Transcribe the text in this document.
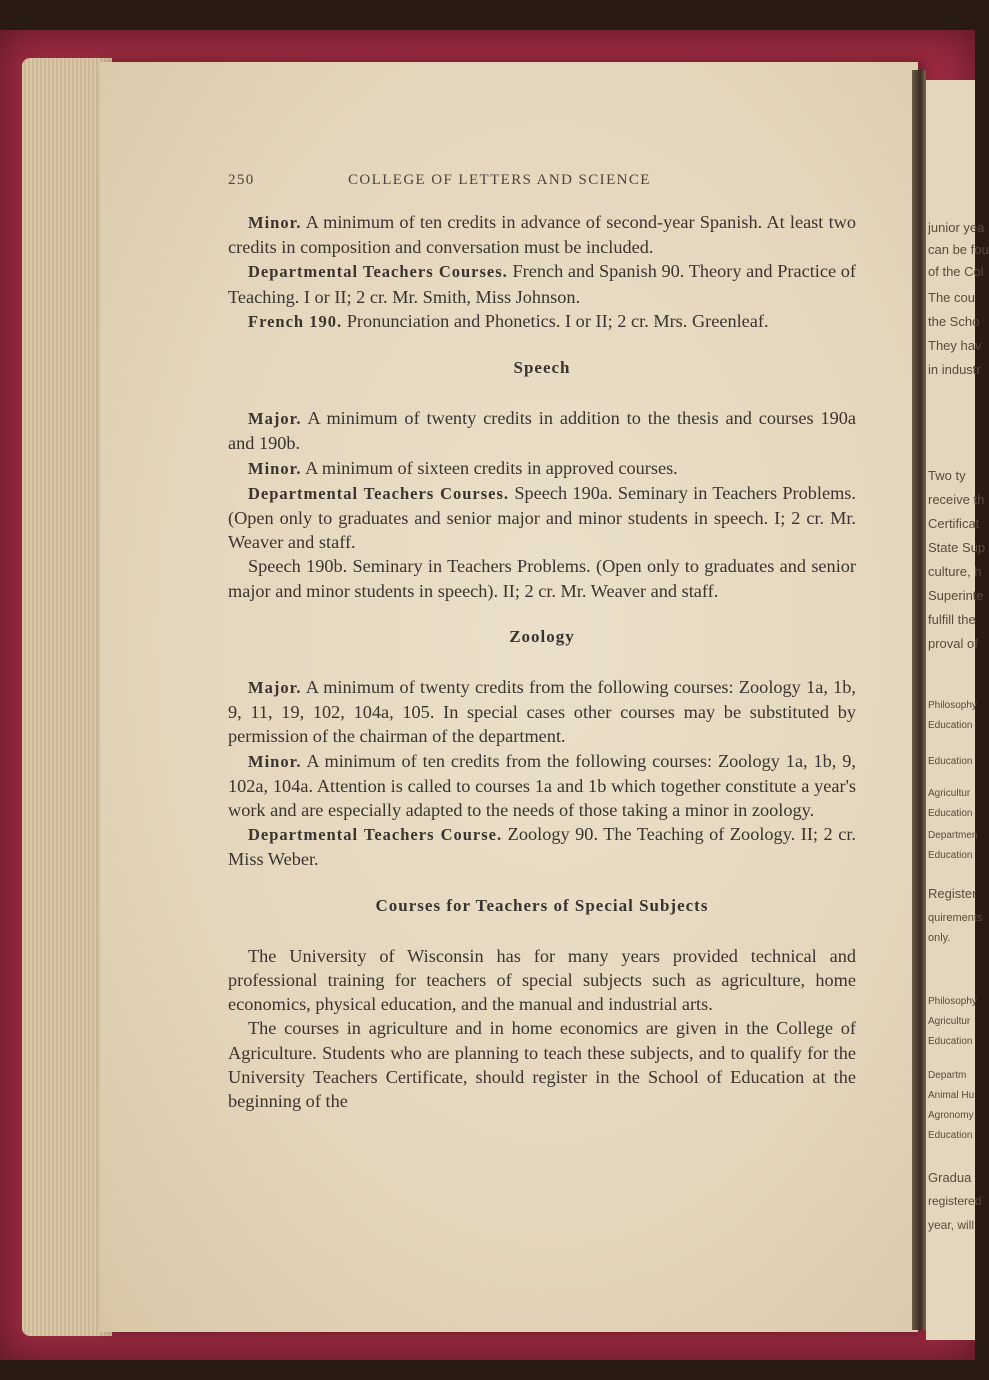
junior yea
can be fou
of the Col
The cou
the Scho
They hav
in industr
Two ty
receive th
Certificat
State Sup
culture, h
Superinte
fulfill the
proval of
Philosophy
Education
Education
Agricultur
Education
Departmen
Education
Register
quirements
only.
Philosophy
Agricultur
Education
Departm
Animal Hu
Agronomy
Education
Gradua
registered
year, will
250	COLLEGE OF LETTERS AND SCIENCE

Minor. A minimum of ten credits in advance of second-year Spanish. At least two credits in composition and conversation must be included.

Departmental Teachers Courses. French and Spanish 90. Theory and Practice of Teaching. I or II; 2 cr. Mr. Smith, Miss Johnson.

French 190. Pronunciation and Phonetics. I or II; 2 cr. Mrs. Greenleaf.

Speech

Major. A minimum of twenty credits in addition to the thesis and courses 190a and 190b.

Minor. A minimum of sixteen credits in approved courses.

Departmental Teachers Courses. Speech 190a. Seminary in Teachers Problems. (Open only to graduates and senior major and minor students in speech. I; 2 cr. Mr. Weaver and staff.

Speech 190b. Seminary in Teachers Problems. (Open only to graduates and senior major and minor students in speech). II; 2 cr. Mr. Weaver and staff.

Zoology

Major. A minimum of twenty credits from the following courses: Zoology 1a, 1b, 9, 11, 19, 102, 104a, 105. In special cases other courses may be substituted by permission of the chairman of the department.

Minor. A minimum of ten credits from the following courses: Zoology 1a, 1b, 9, 102a, 104a. Attention is called to courses 1a and 1b which together constitute a year's work and are especially adapted to the needs of those taking a minor in zoology.

Departmental Teachers Course. Zoology 90. The Teaching of Zoology. II; 2 cr. Miss Weber.

Courses for Teachers of Special Subjects

The University of Wisconsin has for many years provided technical and professional training for teachers of special subjects such as agriculture, home economics, physical education, and the manual and industrial arts.

The courses in agriculture and in home economics are given in the College of Agriculture. Students who are planning to teach these subjects, and to qualify for the University Teachers Certificate, should register in the School of Education at the beginning of the
